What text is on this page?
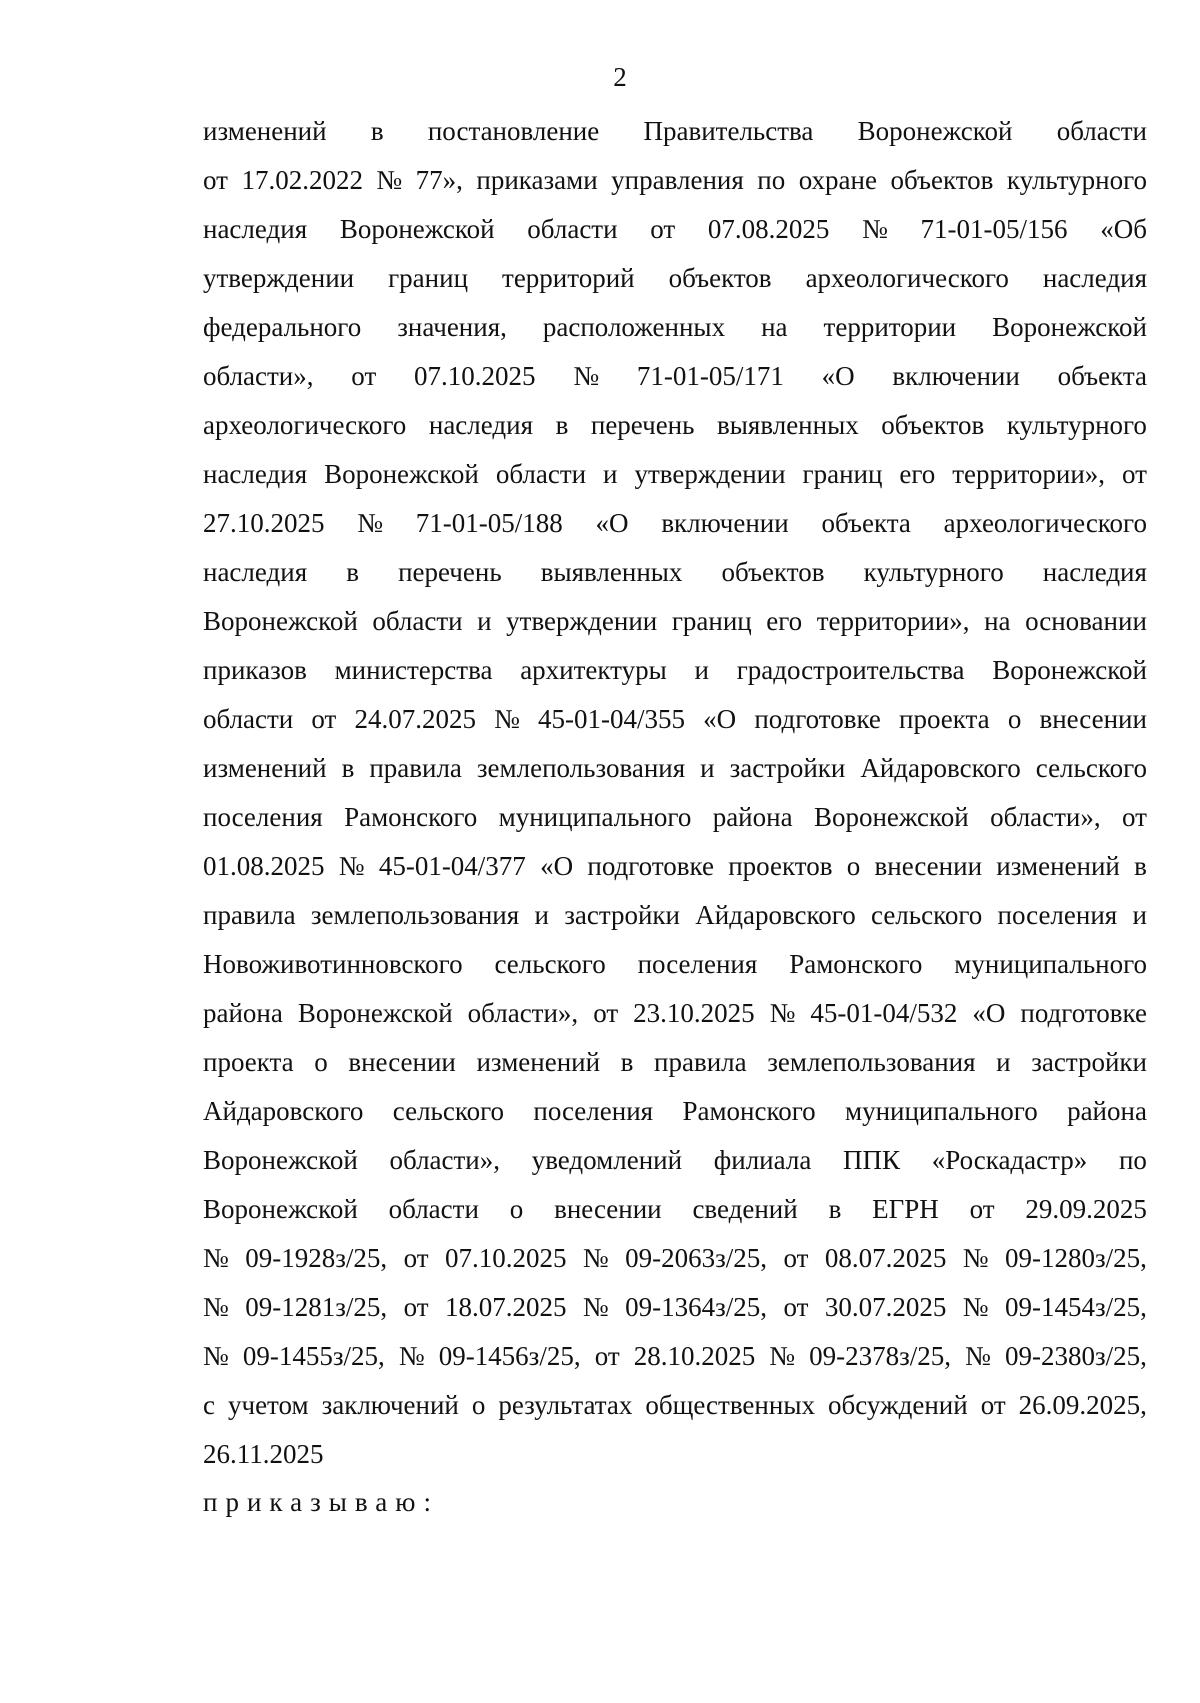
2
изменений в постановление Правительства Воронежской области
от 17.02.2022 № 77», приказами управления по охране объектов культурного
наследия Воронежской области от 07.08.2025 № 71-01-05/156 «Об
утверждении границ территорий объектов археологического наследия
федерального значения, расположенных на территории Воронежской
области», от 07.10.2025 № 71-01-05/171 «О включении объекта
археологического наследия в перечень выявленных объектов культурного
наследия Воронежской области и утверждении границ его территории», от
27.10.2025 № 71-01-05/188 «О включении объекта археологического
наследия в перечень выявленных объектов культурного наследия
Воронежской области и утверждении границ его территории», на основании
приказов министерства архитектуры и градостроительства Воронежской
области от 24.07.2025 № 45-01-04/355 «О подготовке проекта о внесении
изменений в правила землепользования и застройки Айдаровского сельского
поселения Рамонского муниципального района Воронежской области», от
01.08.2025 № 45-01-04/377 «О подготовке проектов о внесении изменений в
правила землепользования и застройки Айдаровского сельского поселения и
Новоживотинновского сельского поселения Рамонского муниципального
района Воронежской области», от 23.10.2025 № 45-01-04/532 «О подготовке
проекта о внесении изменений в правила землепользования и застройки
Айдаровского сельского поселения Рамонского муниципального района
Воронежской области», уведомлений филиала ППК «Роскадастр» по
Воронежской области о внесении сведений в ЕГРН от 29.09.2025
№ 09-1928з/25, от 07.10.2025 № 09-2063з/25, от 08.07.2025 № 09-1280з/25,
№ 09-1281з/25, от 18.07.2025 № 09-1364з/25, от 30.07.2025 № 09-1454з/25,
№ 09-1455з/25, № 09-1456з/25, от 28.10.2025 № 09-2378з/25, № 09-2380з/25,
с учетом заключений о результатах общественных обсуждений от 26.09.2025,
26.11.2025
приказываю:
